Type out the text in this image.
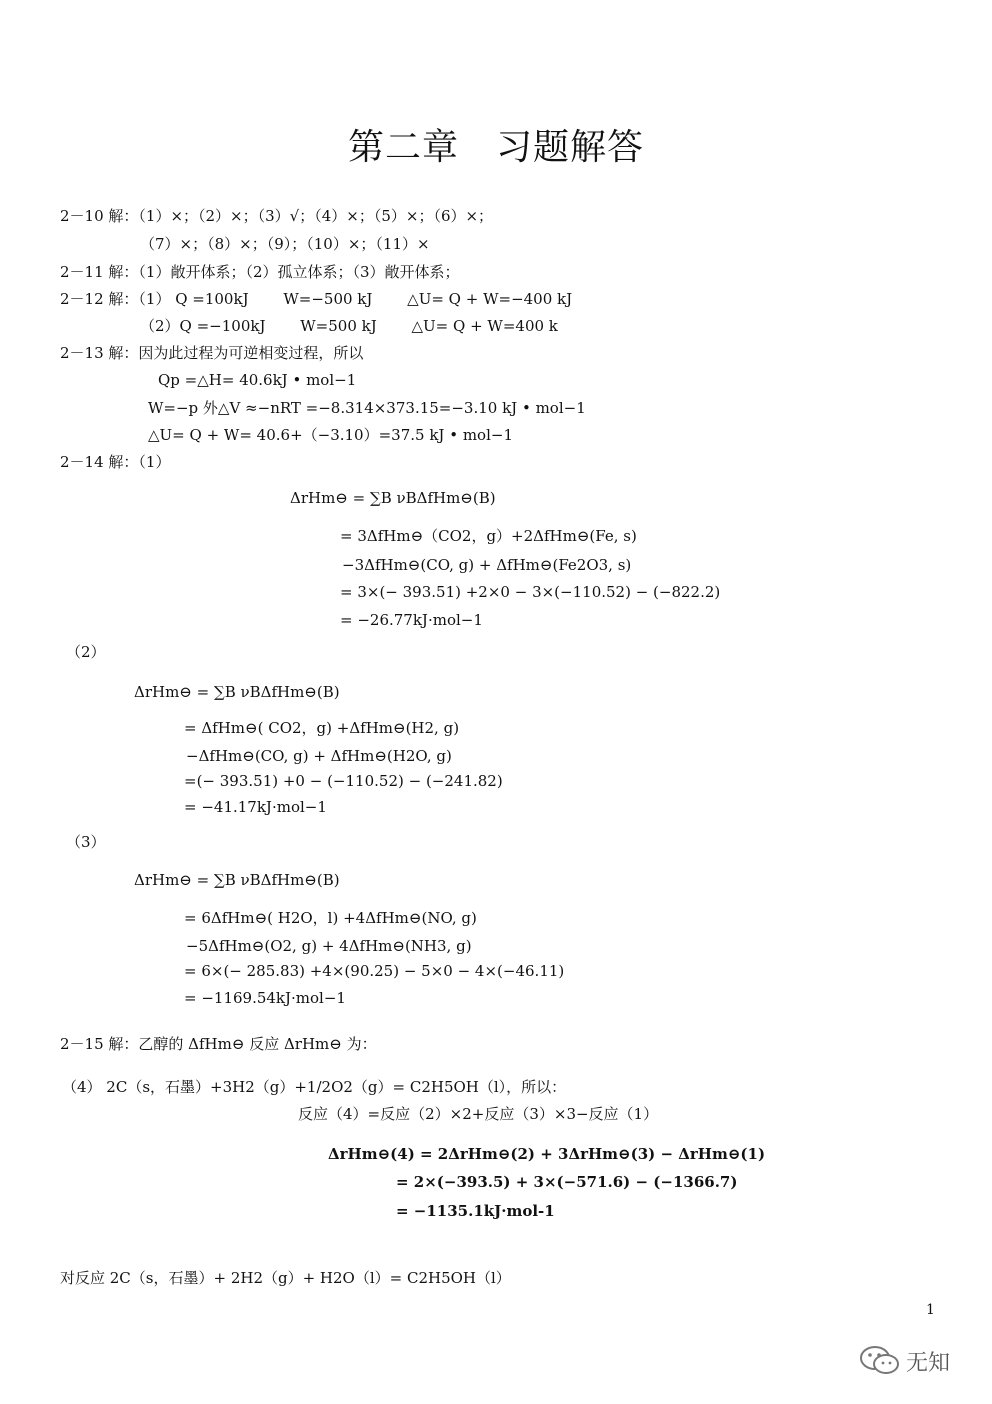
第二章　习题解答
2－10 解：（1）×；（2）×；（3）√；（4）×；（5）×；（6）×；
（7）×；（8）×；（9）；（10）×；（11）×
2－11 解：（1）敞开体系；（2）孤立体系；（3）敞开体系；
2－12 解：（1） Q =100kJ　　 W=−500 kJ　　 △U= Q + W=−400 kJ
（2）Q =−100kJ　　 W=500 kJ　　 △U= Q + W=400 k
2－13 解：因为此过程为可逆相变过程，所以
Qp =△H= 40.6kJ • mol−1
W=−p 外△V ≈−nRT =−8.314×373.15=−3.10 kJ • mol−1
△U= Q + W= 40.6+（−3.10）=37.5 kJ • mol−1
2－14 解：（1）
ΔrHm⊖ = ∑B νBΔfHm⊖(B)
= 3ΔfHm⊖（CO2，g）+2ΔfHm⊖(Fe, s)
−3ΔfHm⊖(CO, g) + ΔfHm⊖(Fe2O3, s)
= 3×(− 393.51) +2×0 − 3×(−110.52) − (−822.2)
= −26.77kJ·mol−1
（2）
ΔrHm⊖ = ∑B νBΔfHm⊖(B)
= ΔfHm⊖( CO2，g) +ΔfHm⊖(H2, g)
−ΔfHm⊖(CO, g) + ΔfHm⊖(H2O, g)
=(− 393.51) +0 − (−110.52) − (−241.82)
= −41.17kJ·mol−1
（3）
ΔrHm⊖ = ∑B νBΔfHm⊖(B)
= 6ΔfHm⊖( H2O，l) +4ΔfHm⊖(NO, g)
−5ΔfHm⊖(O2, g) + 4ΔfHm⊖(NH3, g)
= 6×(− 285.83) +4×(90.25) − 5×0 − 4×(−46.11)
= −1169.54kJ·mol−1
2－15 解：乙醇的 ΔfHm⊖ 反应 ΔrHm⊖ 为：
（4） 2C（s，石墨）+3H2（g）+1/2O2（g）= C2H5OH（l），所以：
反应（4）=反应（2）×2+反应（3）×3−反应（1）
ΔrHm⊖(4) = 2ΔrHm⊖(2) + 3ΔrHm⊖(3) − ΔrHm⊖(1)
= 2×(−393.5) + 3×(−571.6) − (−1366.7)
= −1135.1kJ·mol-1
对反应 2C（s，石墨）+ 2H2（g）+ H2O（l）= C2H5OH（l）
1
无知
